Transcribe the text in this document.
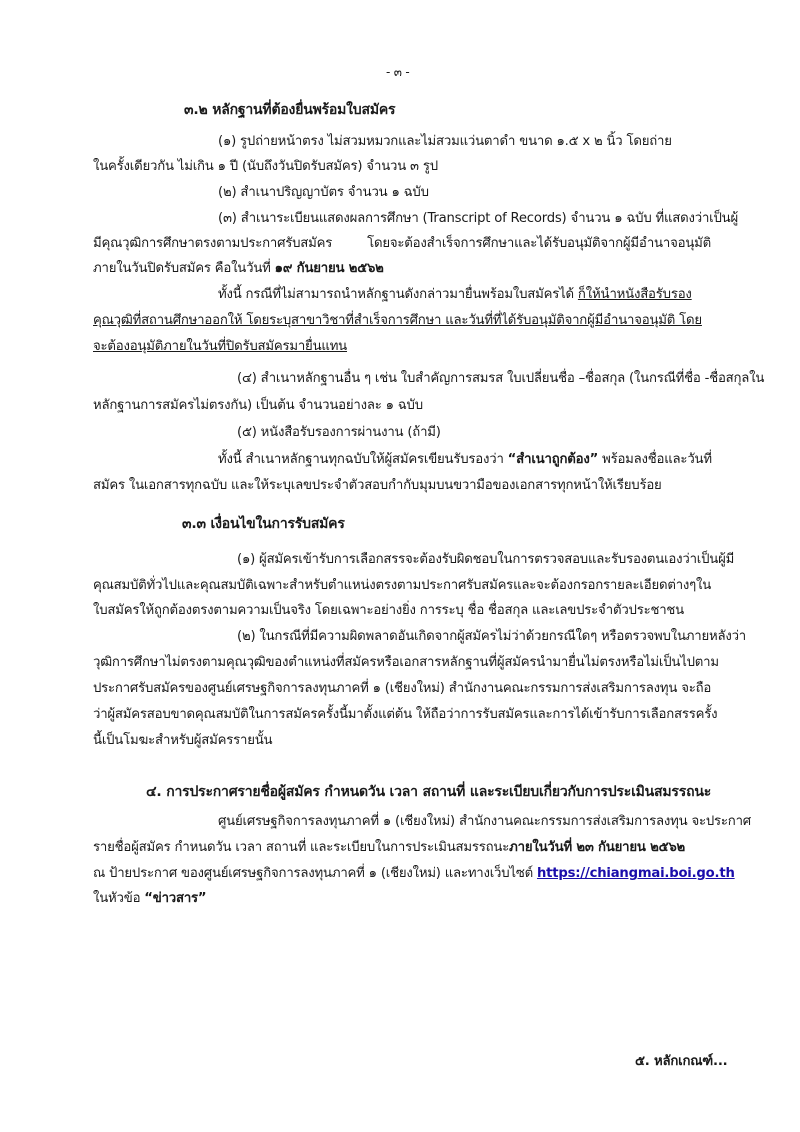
- ๓ -
๓.๒ หลักฐานที่ต้องยื่นพร้อมใบสมัคร
(๑) รูปถ่ายหน้าตรง ไม่สวมหมวกและไม่สวมแว่นตาดำ ขนาด ๑.๕ x ๒ นิ้ว โดยถ่าย
ในครั้งเดียวกัน ไม่เกิน ๑ ปี (นับถึงวันปิดรับสมัคร) จำนวน ๓ รูป
(๒) สำเนาปริญญาบัตร จำนวน ๑ ฉบับ
(๓) สำเนาระเบียนแสดงผลการศึกษา (Transcript of Records) จำนวน ๑ ฉบับ ที่แสดงว่าเป็นผู้
มีคุณวุฒิการศึกษาตรงตามประกาศรับสมัคร	โดยจะต้องสำเร็จการศึกษาและได้รับอนุมัติจากผู้มีอำนาจอนุมัติ
ภายในวันปิดรับสมัคร คือในวันที่ ๑๙ กันยายน ๒๕๖๒
ทั้งนี้ กรณีที่ไม่สามารถนำหลักฐานดังกล่าวมายื่นพร้อมใบสมัครได้ ก็ให้นำหนังสือรับรอง
คุณวุฒิที่สถานศึกษาออกให้ โดยระบุสาขาวิชาที่สำเร็จการศึกษา และวันที่ที่ได้รับอนุมัติจากผู้มีอำนาจอนุมัติ โดย
จะต้องอนุมัติภายในวันที่ปิดรับสมัครมายื่นแทน
(๔) สำเนาหลักฐานอื่น ๆ เช่น ใบสำคัญการสมรส ใบเปลี่ยนชื่อ –ชื่อสกุล (ในกรณีที่ชื่อ -ชื่อสกุลใน
หลักฐานการสมัครไม่ตรงกัน) เป็นต้น จำนวนอย่างละ ๑ ฉบับ
(๕) หนังสือรับรองการผ่านงาน (ถ้ามี)
ทั้งนี้ สำเนาหลักฐานทุกฉบับให้ผู้สมัครเขียนรับรองว่า “สำเนาถูกต้อง” พร้อมลงชื่อและวันที่
สมัคร ในเอกสารทุกฉบับ และให้ระบุเลขประจำตัวสอบกำกับมุมบนขวามือของเอกสารทุกหน้าให้เรียบร้อย
๓.๓ เงื่อนไขในการรับสมัคร
(๑) ผู้สมัครเข้ารับการเลือกสรรจะต้องรับผิดชอบในการตรวจสอบและรับรองตนเองว่าเป็นผู้มี
คุณสมบัติทั่วไปและคุณสมบัติเฉพาะสำหรับตำแหน่งตรงตามประกาศรับสมัคร และจะต้องกรอกรายละเอียดต่างๆ ใน
ใบสมัครให้ถูกต้องตรงตามความเป็นจริง โดยเฉพาะอย่างยิ่ง การระบุ ชื่อ ชื่อสกุล และเลขประจำตัวประชาชน
(๒) ในกรณีที่มีความผิดพลาดอันเกิดจากผู้สมัครไม่ว่าด้วยกรณีใดๆ หรือตรวจพบในภายหลังว่า
วุฒิการศึกษาไม่ตรงตามคุณวุฒิของตำแหน่งที่สมัคร หรือเอกสารหลักฐาน ที่ผู้สมัครนำมายื่นไม่ตรงหรือไม่เป็นไปตาม
ประกาศรับสมัครของศูนย์เศรษฐกิจการลงทุนภาคที่ ๑ (เชียงใหม่) สำนักงานคณะกรรมการส่งเสริมการลงทุน จะถือ
ว่าผู้สมัครสอบขาดคุณสมบัติในการสมัครครั้งนี้มาตั้งแต่ต้น ให้ถือว่าการรับสมัครและการได้เข้ารับการเลือกสรรครั้ง
นี้เป็นโมฆะสำหรับผู้สมัครรายนั้น
๔. การประกาศรายชื่อผู้สมัคร กำหนดวัน เวลา สถานที่ และระเบียบเกี่ยวกับการประเมินสมรรถนะ
ศูนย์เศรษฐกิจการลงทุนภาคที่ ๑ (เชียงใหม่) สำนักงานคณะกรรมการส่งเสริมการลงทุน จะประกาศ
รายชื่อผู้สมัคร กำหนดวัน เวลา สถานที่ และระเบียบในการประเมินสมรรถนะภายในวันที่ ๒๓ กันยายน ๒๕๖๒
ณ ป้ายประกาศ ของศูนย์เศรษฐกิจการลงทุนภาคที่ ๑ (เชียงใหม่) และทางเว็บไซต์ https://chiangmai.boi.go.th
ในหัวข้อ “ข่าวสาร”
๕. หลักเกณฑ์...
